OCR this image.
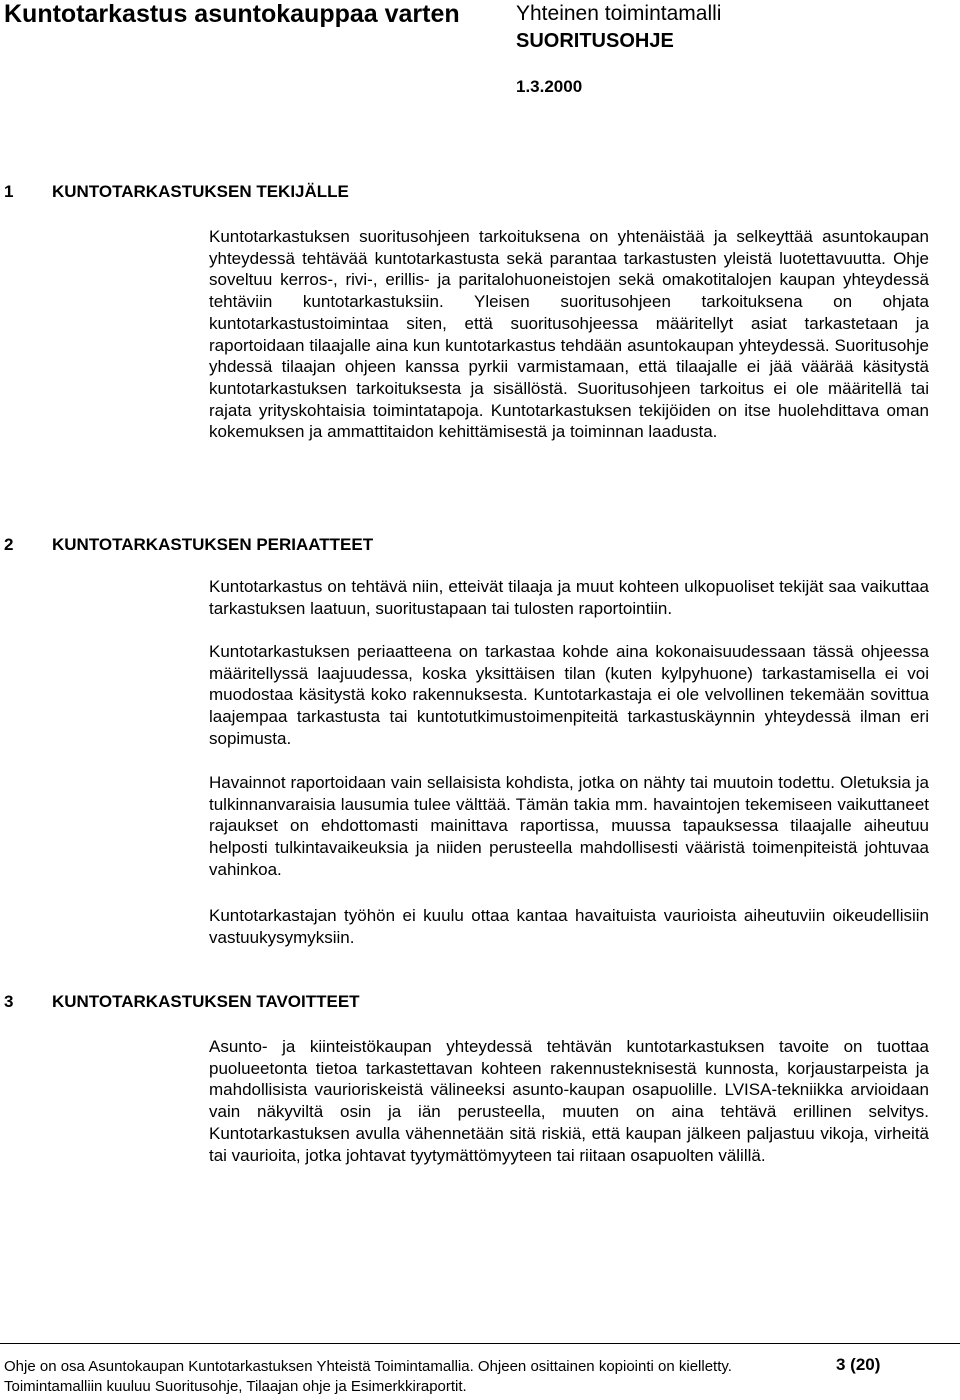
Kuntotarkastus asuntokauppaa varten	Yhteinen toimintamalli
SUORITUSOHJE
1.3.2000
1 KUNTOTARKASTUKSEN TEKIJÄLLE
Kuntotarkastuksen suoritusohjeen tarkoituksena on yhtenäistää ja selkeyttää asuntokaupan yhteydessä tehtävää kuntotarkastusta sekä parantaa tarkastusten yleistä luotettavuutta. Ohje soveltuu kerros-, rivi-, erillis- ja paritalohuoneistojen sekä omakotitalojen kaupan yhteydessä tehtäviin kuntotarkastuksiin. Yleisen suoritusohjeen tarkoituksena on ohjata kuntotarkastustoimintaa siten, että suoritusohjeessa määritellyt asiat tarkastetaan ja raportoidaan tilaajalle aina kun kuntotarkastus tehdään asuntokaupan yhteydessä. Suoritusohje yhdessä tilaajan ohjeen kanssa pyrkii varmistamaan, että tilaajalle ei jää väärää käsitystä kuntotarkastuksen tarkoituksesta ja sisällöstä. Suoritusohjeen tarkoitus ei ole määritellä tai rajata yrityskohtaisia toimintatapoja. Kuntotarkastuksen tekijöiden on itse huolehdittava oman kokemuksen ja ammattitaidon kehittämisestä ja toiminnan laadusta.
2 KUNTOTARKASTUKSEN PERIAATTEET
Kuntotarkastus on tehtävä niin, etteivät tilaaja ja muut kohteen ulkopuoliset tekijät saa vaikuttaa tarkastuksen laatuun, suoritustapaan tai tulosten raportointiin.
Kuntotarkastuksen periaatteena on tarkastaa kohde aina kokonaisuudessaan tässä ohjeessa määritellyssä laajuudessa, koska yksittäisen tilan (kuten kylpyhuone) tarkastamisella ei voi muodostaa käsitystä koko rakennuksesta. Kuntotarkastaja ei ole velvollinen tekemään sovittua laajempaa tarkastusta tai kuntotutkimustoimenpiteitä tarkastuskäynnin yhteydessä ilman eri sopimusta.
Havainnot raportoidaan vain sellaisista kohdista, jotka on nähty tai muutoin todettu. Oletuksia ja tulkinnanvaraisia lausumia tulee välttää. Tämän takia mm. havaintojen tekemiseen vaikuttaneet rajaukset on ehdottomasti mainittava raportissa, muussa tapauksessa tilaajalle aiheutuu helposti tulkintavaikeuksia ja niiden perusteella mahdollisesti vääristä toimenpiteistä johtuvaa vahinkoa.
Kuntotarkastajan työhön ei kuulu ottaa kantaa havaituista vaurioista aiheutuviin oikeudellisiin vastuukysymyksiin.
3 KUNTOTARKASTUKSEN TAVOITTEET
Asunto- ja kiinteistökaupan yhteydessä tehtävän kuntotarkastuksen tavoite on tuottaa puolueetonta tietoa tarkastettavan kohteen rakennusteknisestä kunnosta, korjaustarpeista ja mahdollisista vaurioriskeistä välineeksi asunto-kaupan osapuolille. LVISA-tekniikka arvioidaan vain näkyviltä osin ja iän perusteella, muuten on aina tehtävä erillinen selvitys. Kuntotarkastuksen avulla vähennetään sitä riskiä, että kaupan jälkeen paljastuu vikoja, virheitä tai vaurioita, jotka johtavat tyytymättömyyteen tai riitaan osapuolten välillä.
Ohje on osa Asuntokaupan Kuntotarkastuksen Yhteistä Toimintamallia. Ohjeen osittainen kopiointi on kielletty.
Toimintamalliin kuuluu Suoritusohje, Tilaajan ohje ja Esimerkkiraportit.
3 (20)
